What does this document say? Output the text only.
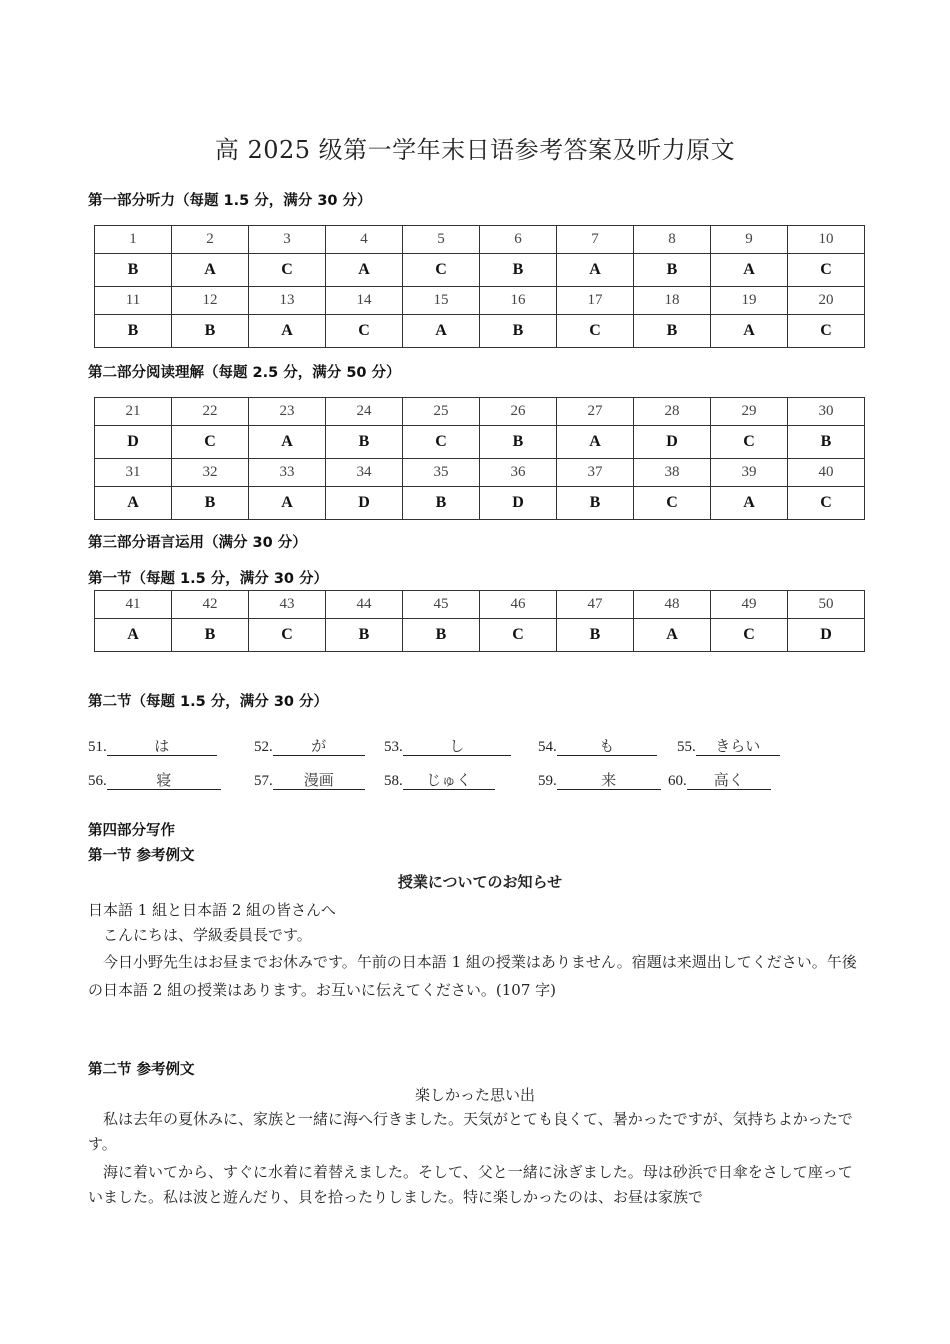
高 2025 级第一学年末日语参考答案及听力原文
第一部分听力（每题 1.5 分，满分 30 分）
1	2	3	4	5	6	7	8	9	10
B	A	C	A	C	B	A	B	A	C
11	12	13	14	15	16	17	18	19	20
B	B	A	C	A	B	C	B	A	C
第二部分阅读理解（每题 2.5 分，满分 50 分）
21	22	23	24	25	26	27	28	29	30
D	C	A	B	C	B	A	D	C	B
31	32	33	34	35	36	37	38	39	40
A	B	A	D	B	D	B	C	A	C
第三部分语言运用（满分 30 分）
第一节（每题 1.5 分，满分 30 分）
41	42	43	44	45	46	47	48	49	50
A	B	C	B	B	C	B	A	C	D
第二节（每题 1.5 分，满分 30 分）
51.	は	52.	が	53.	し	54.	も	55. きらい
56.	寝	57. 漫画	58. じゅく	59.	来	60. 高く
第四部分写作
第一节 参考例文
授業についてのお知らせ

日本語 1 組と日本語 2 組の皆さんへ

　こんにちは、学級委員長です。

　今日小野先生はお昼までお休みです。午前の日本語 1 組の授業はありません。宿題は来週出してください。午後の日本語 2 組の授業はあります。お互いに伝えてください。(107 字)

第二节 参考例文
楽しかった思い出

　私は去年の夏休みに、家族と一緒に海へ行きました。天気がとても良くて、暑かったですが、気持ちよかったです。

　海に着いてから、すぐに水着に着替えました。そして、父と一緒に泳ぎました。母は砂浜で日傘をさして座っていました。私は波と遊んだり、貝を拾ったりしました。特に楽しかったのは、お昼は家族で
